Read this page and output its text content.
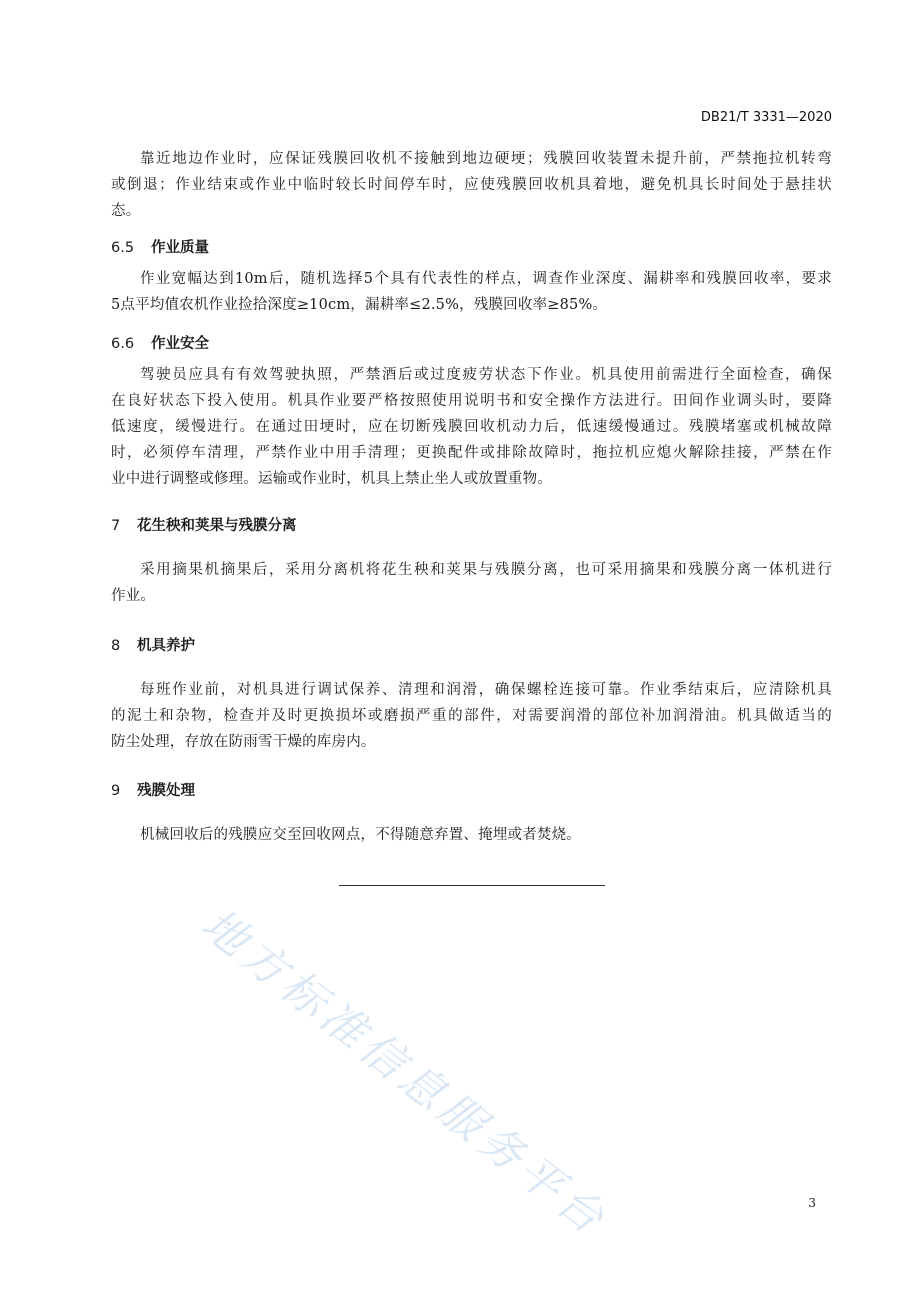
DB21/T 3331—2020
靠近地边作业时，应保证残膜回收机不接触到地边硬埂；残膜回收装置未提升前，严禁拖拉机转弯
或倒退；作业结束或作业中临时较长时间停车时，应使残膜回收机具着地，避免机具长时间处于悬挂状
态。
6.5 作业质量
作业宽幅达到10m后，随机选择5个具有代表性的样点，调查作业深度、漏耕率和残膜回收率，要求
5点平均值农机作业捡拾深度≥10cm，漏耕率≤2.5%，残膜回收率≥85%。
6.6 作业安全
驾驶员应具有有效驾驶执照，严禁酒后或过度疲劳状态下作业。机具使用前需进行全面检查，确保
在良好状态下投入使用。机具作业要严格按照使用说明书和安全操作方法进行。田间作业调头时，要降
低速度，缓慢进行。在通过田埂时，应在切断残膜回收机动力后，低速缓慢通过。残膜堵塞或机械故障
时，必须停车清理，严禁作业中用手清理；更换配件或排除故障时，拖拉机应熄火解除挂接，严禁在作
业中进行调整或修理。运输或作业时，机具上禁止坐人或放置重物。
7 花生秧和荚果与残膜分离
采用摘果机摘果后，采用分离机将花生秧和荚果与残膜分离，也可采用摘果和残膜分离一体机进行
作业。
8 机具养护
每班作业前，对机具进行调试保养、清理和润滑，确保螺栓连接可靠。作业季结束后，应清除机具
的泥土和杂物，检查并及时更换损坏或磨损严重的部件，对需要润滑的部位补加润滑油。机具做适当的
防尘处理，存放在防雨雪干燥的库房内。
9 残膜处理
机械回收后的残膜应交至回收网点，不得随意弃置、掩埋或者焚烧。
地方标准信息服务平台	3
